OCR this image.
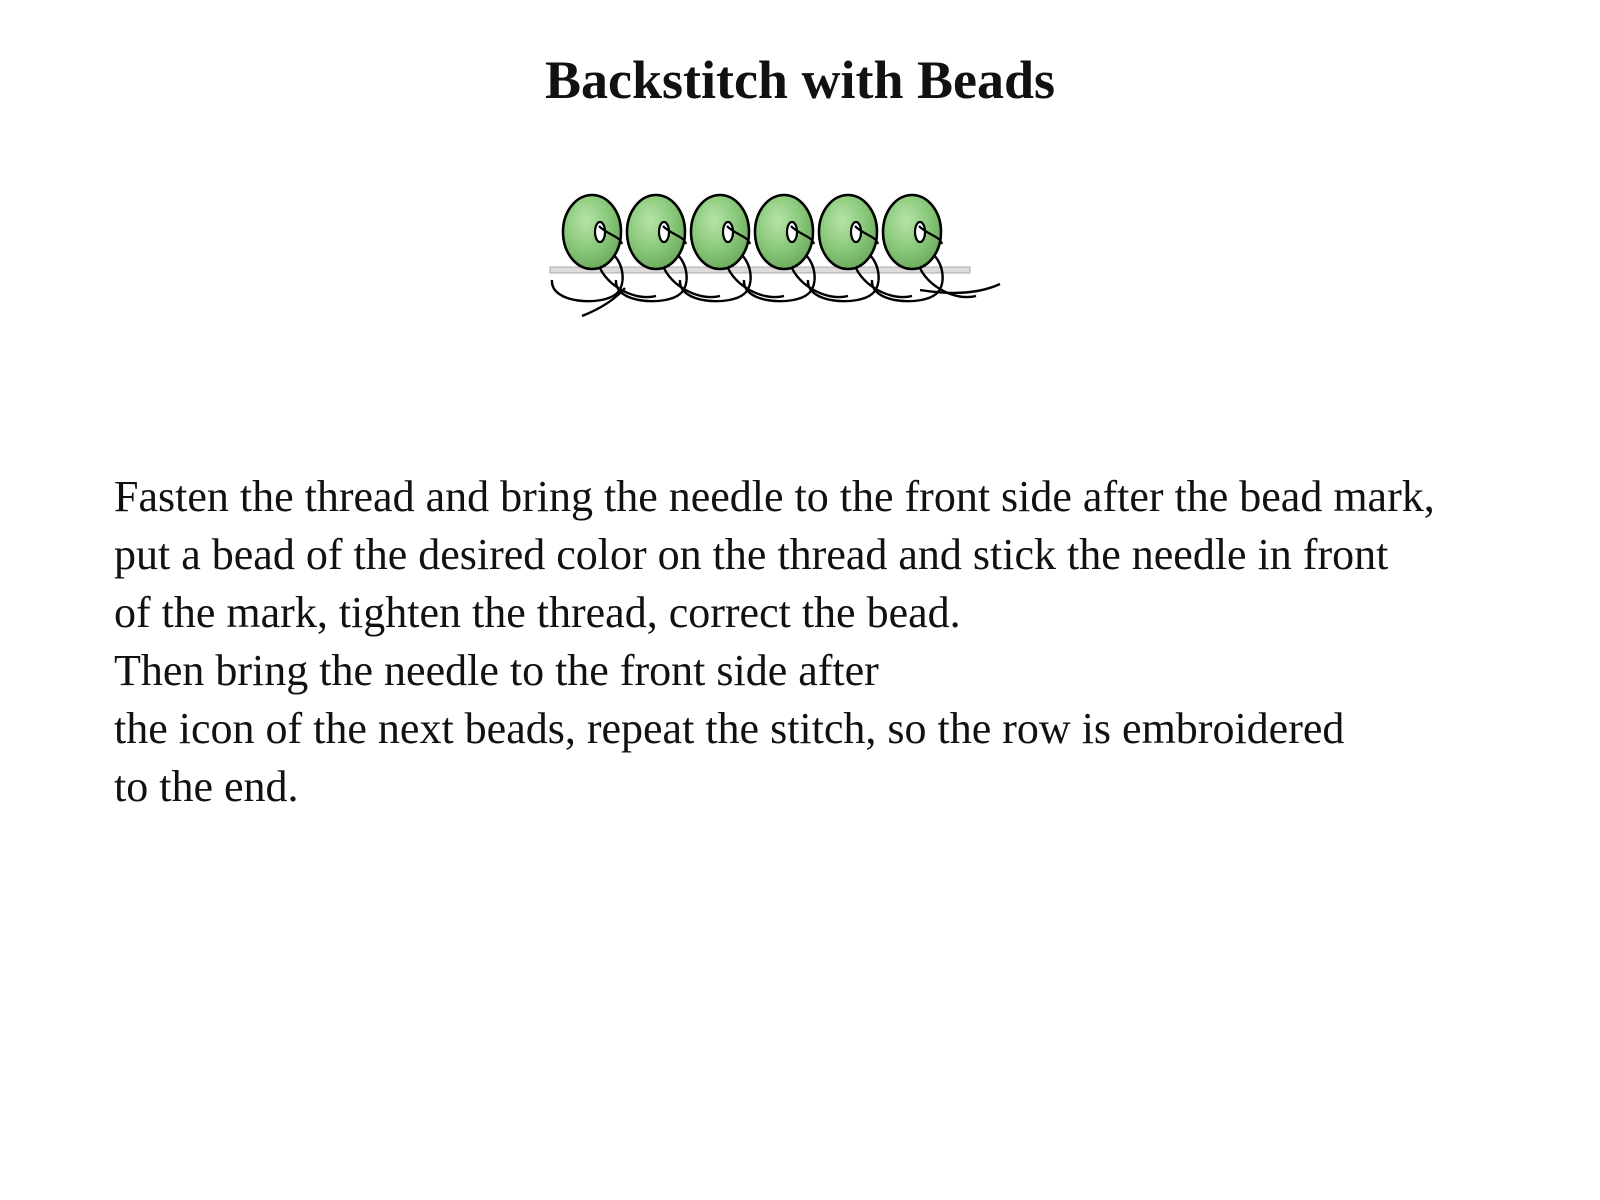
Backstitch with Beads
Fasten the thread and bring the needle to the front side after the bead mark,
put a bead of the desired color on the thread and stick the needle in front
of the mark, tighten the thread, correct the bead.
Then bring the needle to the front side after
the icon of the next beads, repeat the stitch, so the row is embroidered
to the end.
